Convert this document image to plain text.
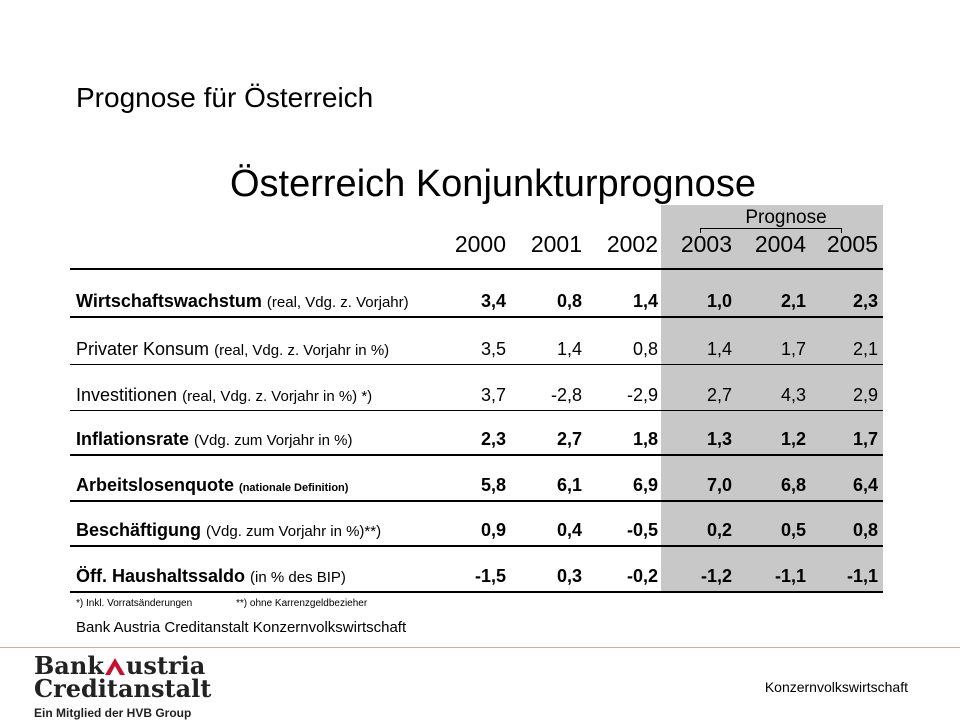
Prognose für Österreich
Österreich Konjunkturprognose
Prognose
2000	2001	2002 2003 2004 2005
Wirtschaftswachstum (real, Vdg. z. Vorjahr)	3,4	0,8	1,4	1,0	2,1	2,3
Privater Konsum (real, Vdg. z. Vorjahr in %)	3,5	1,4	0,8	1,4	1,7	2,1
Investitionen (real, Vdg. z. Vorjahr in %) *)	3,7	-2,8	-2,9	2,7	4,3	2,9
Inflationsrate (Vdg. zum Vorjahr in %)	2,3	2,7	1,8	1,3	1,2	1,7
Arbeitslosenquote (nationale Definition)	5,8	6,1	6,9	7,0	6,8	6,4
Beschäftigung (Vdg. zum Vorjahr in %)**)	0,9	0,4	-0,5	0,2	0,5	0,8
Öff. Haushaltssaldo (in % des BIP)	-1,5	0,3	-0,2	-1,2	-1,1	-1,1
*) Inkl. Vorratsänderungen	**) ohne Karrenzgeldbezieher
Bank Austria Creditanstalt Konzernvolkswirtschaft
Bank ustria
Creditanstalt
Ein Mitglied der HVB Group
Konzernvolkswirtschaft
